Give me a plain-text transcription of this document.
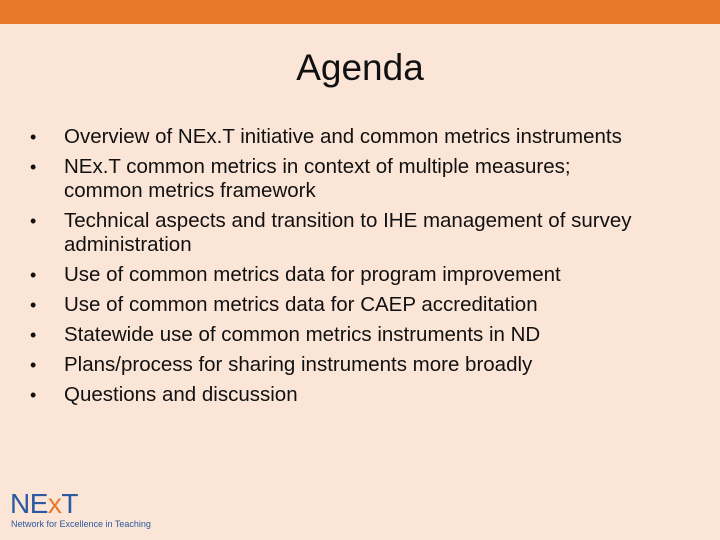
Agenda
• Overview of NEx.T initiative and common metrics instruments
• NEx.T common metrics in context of multiple measures; common metrics framework
• Technical aspects and transition to IHE management of survey administration
• Use of common metrics data for program improvement
• Use of common metrics data for CAEP accreditation
• Statewide use of common metrics instruments in ND
• Plans/process for sharing instruments more broadly
• Questions and discussion
NExT
Network for Excellence in Teaching
